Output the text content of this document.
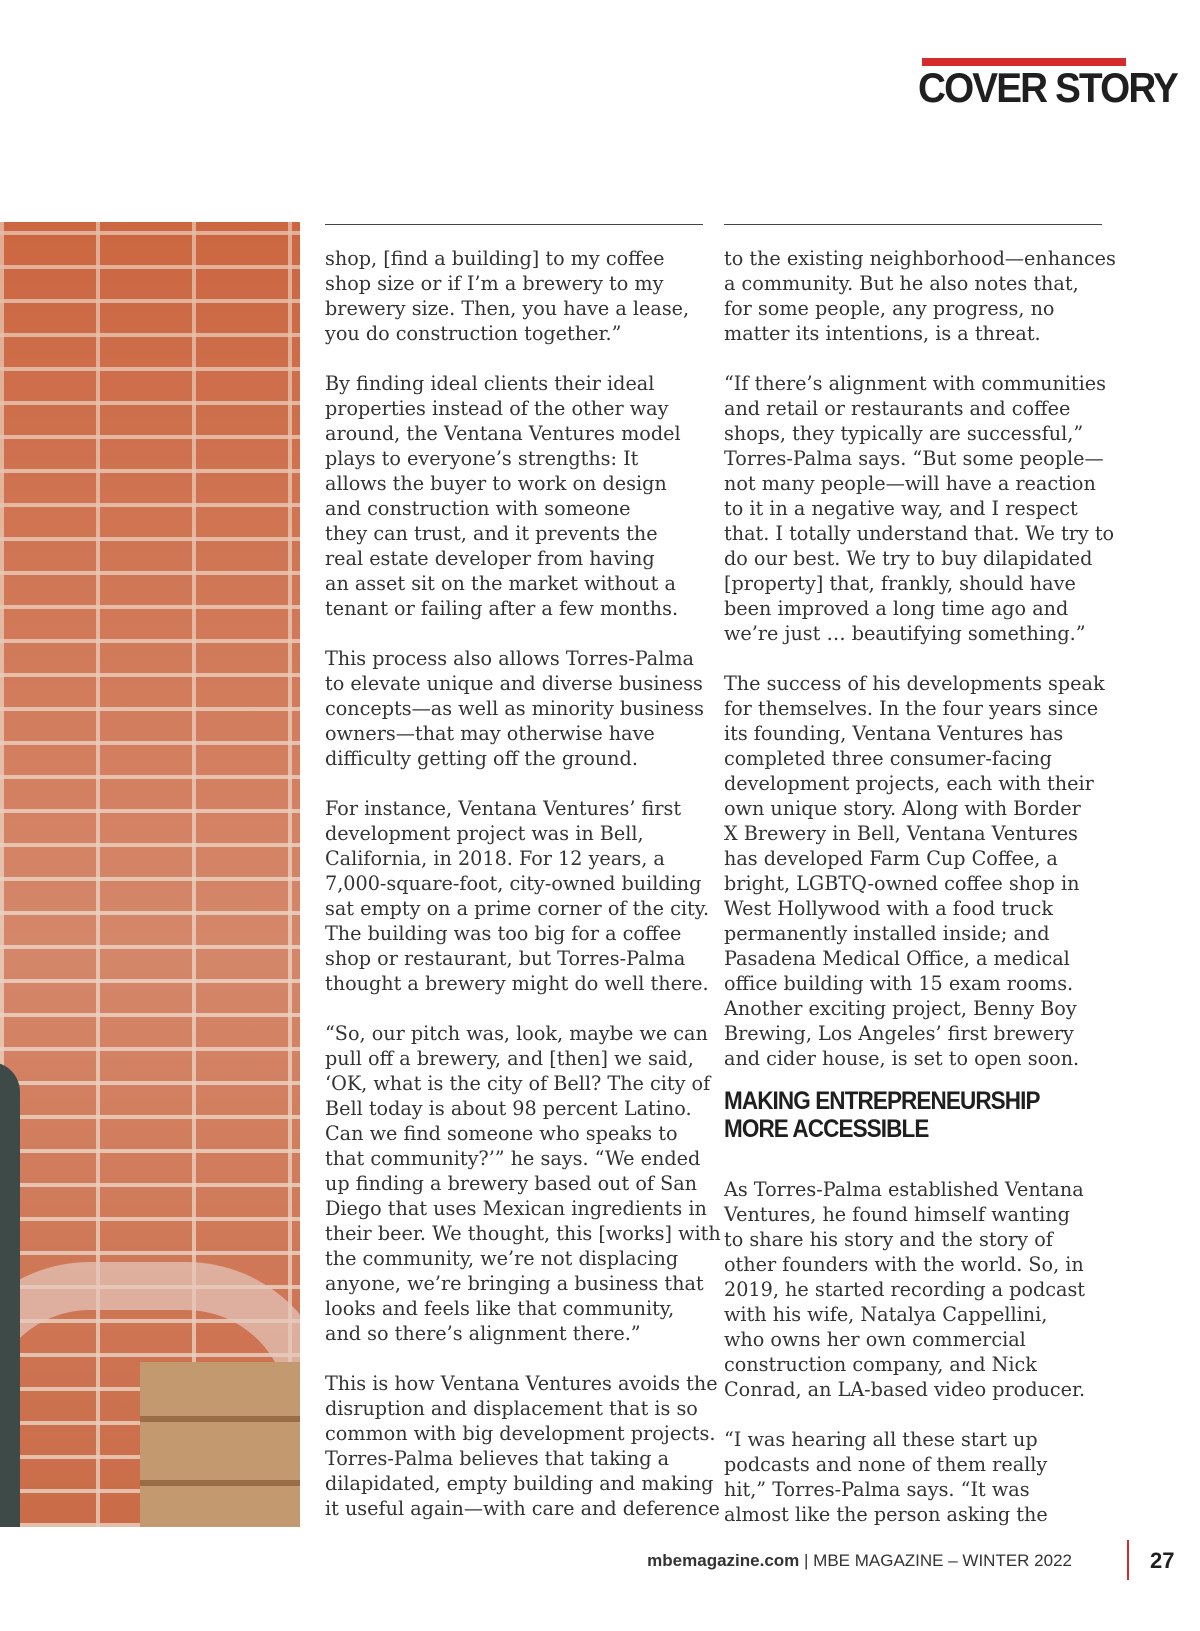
COVER STORY

shop, [find a building] to my coffee
shop size or if I’m a brewery to my
brewery size. Then, you have a lease,
you do construction together.”

By finding ideal clients their ideal
properties instead of the other way
around, the Ventana Ventures model
plays to everyone’s strengths: It
allows the buyer to work on design
and construction with someone
they can trust, and it prevents the
real estate developer from having
an asset sit on the market without a
tenant or failing after a few months.

This process also allows Torres-Palma
to elevate unique and diverse business
concepts—as well as minority business
owners—that may otherwise have
difficulty getting off the ground.

For instance, Ventana Ventures’ first
development project was in Bell,
California, in 2018. For 12 years, a
7,000-square-foot, city-owned building
sat empty on a prime corner of the city.
The building was too big for a coffee
shop or restaurant, but Torres-Palma
thought a brewery might do well there.

“So, our pitch was, look, maybe we can
pull off a brewery, and [then] we said,
‘OK, what is the city of Bell? The city of
Bell today is about 98 percent Latino.
Can we find someone who speaks to
that community?’” he says. “We ended
up finding a brewery based out of San
Diego that uses Mexican ingredients in
their beer. We thought, this [works] with
the community, we’re not displacing
anyone, we’re bringing a business that
looks and feels like that community,
and so there’s alignment there.”

This is how Ventana Ventures avoids the
disruption and displacement that is so
common with big development projects.
Torres-Palma believes that taking a
dilapidated, empty building and making
it useful again—with care and deference

to the existing neighborhood—enhances
a community. But he also notes that,
for some people, any progress, no
matter its intentions, is a threat.

“If there’s alignment with communities
and retail or restaurants and coffee
shops, they typically are successful,”
Torres-Palma says. “But some people—
not many people—will have a reaction
to it in a negative way, and I respect
that. I totally understand that. We try to
do our best. We try to buy dilapidated
[property] that, frankly, should have
been improved a long time ago and
we’re just … beautifying something.”

The success of his developments speak
for themselves. In the four years since
its founding, Ventana Ventures has
completed three consumer-facing
development projects, each with their
own unique story. Along with Border
X Brewery in Bell, Ventana Ventures
has developed Farm Cup Coffee, a
bright, LGBTQ-owned coffee shop in
West Hollywood with a food truck
permanently installed inside; and
Pasadena Medical Office, a medical
office building with 15 exam rooms.
Another exciting project, Benny Boy
Brewing, Los Angeles’ first brewery
and cider house, is set to open soon.

MAKING ENTREPRENEURSHIP
MORE ACCESSIBLE

As Torres-Palma established Ventana
Ventures, he found himself wanting
to share his story and the story of
other founders with the world. So, in
2019, he started recording a podcast
with his wife, Natalya Cappellini,
who owns her own commercial
construction company, and Nick
Conrad, an LA-based video producer.

“I was hearing all these start up
podcasts and none of them really
hit,” Torres-Palma says. “It was
almost like the person asking the

mbemagazine.com | MBE MAGAZINE – WINTER 2022	27
